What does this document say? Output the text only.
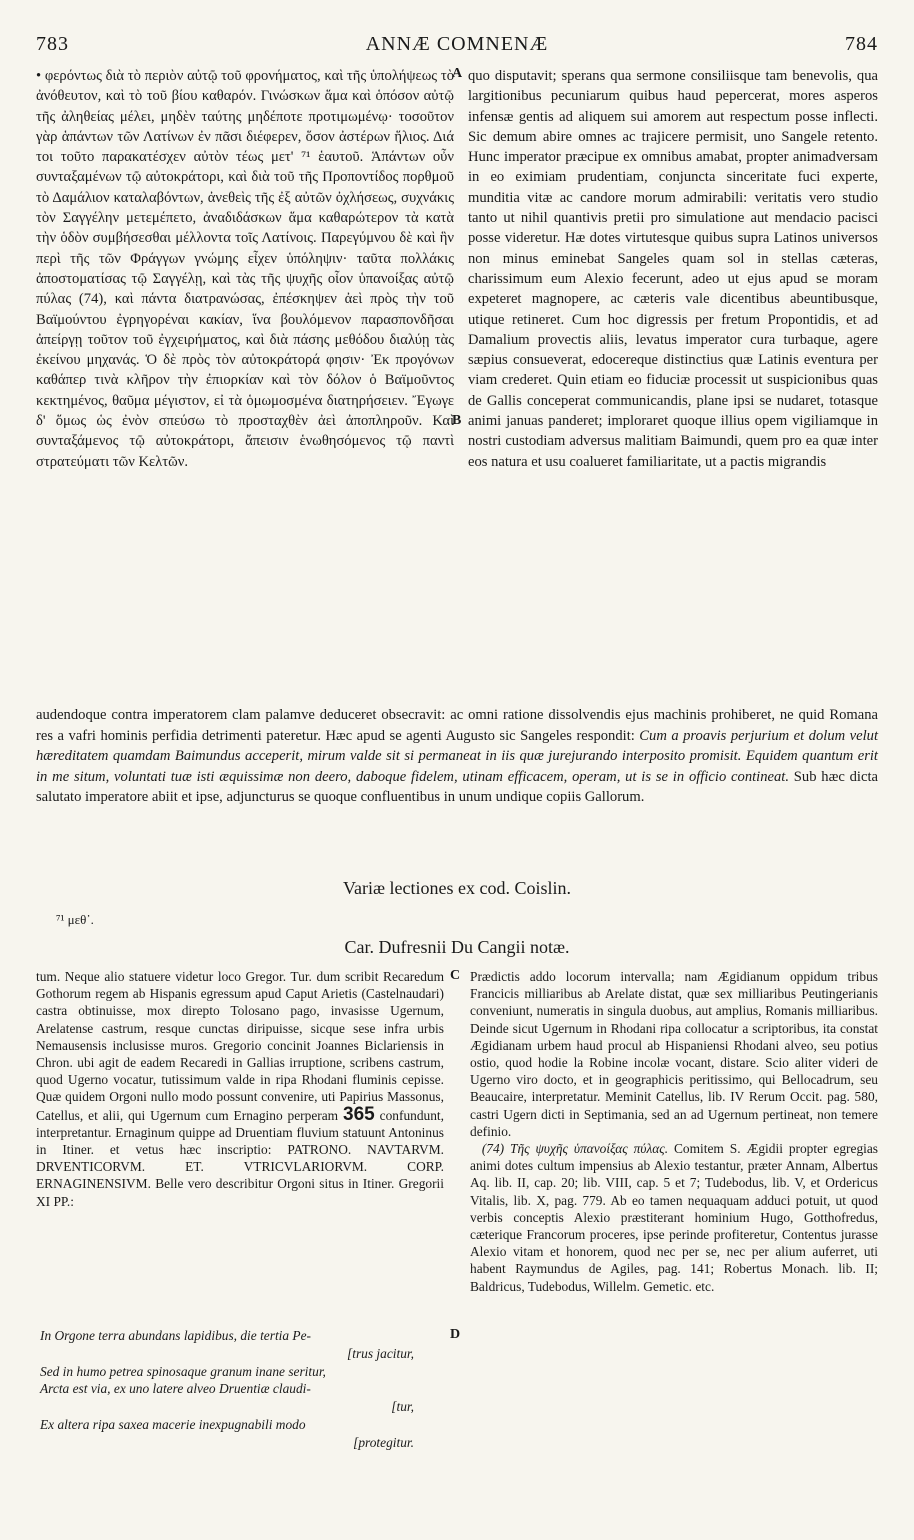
783	ANNÆ COMNENÆ	784

• φερόντως διὰ τὸ περιὸν αὐτῷ τοῦ φρονήματος, καὶ τῆς ὑπολήψεως τὸ ἀνόθευτον, καὶ τὸ τοῦ βίου καθαρόν. Γινώσκων ἅμα καὶ ὁπόσον αὐτῷ τῆς ἀληθείας μέλει, μηδὲν ταύτης μηδέποτε προτιμωμένῳ· τοσοῦτον γὰρ ἁπάντων τῶν Λατίνων ἐν πᾶσι διέφερεν, ὅσον ἀστέρων ἥλιος. Διά τοι τοῦτο παρακατέσχεν αὐτὸν τέως μετ' ⁷¹ ἑαυτοῦ. Ἁπάντων οὖν συνταξαμένων τῷ αὐτοκράτορι, καὶ διὰ τοῦ τῆς Προποντίδος πορθμοῦ τὸ Δαμάλιον καταλαβόντων, ἀνεθεὶς τῆς ἐξ αὐτῶν ὀχλήσεως, συχνάκις τὸν Σαγγέλην μετεμέπετο, ἀναδιδάσκων ἅμα καθαρώτερον τὰ κατὰ τὴν ὁδὸν συμβήσεσθαι μέλλοντα τοῖς Λατίνοις. Παρεγύμνου δὲ καὶ ἣν περὶ τῆς τῶν Φράγγων γνώμης εἶχεν ὑπόληψιν· ταῦτα πολλάκις ἀποστοματίσας τῷ Σαγγέλῃ, καὶ τὰς τῆς ψυχῆς οἷον ὑπανοίξας αὐτῷ πύλας (74), καὶ πάντα διατρανώσας, ἐπέσκηψεν ἀεὶ πρὸς τὴν τοῦ Βαϊμούντου ἐγρηγορέναι κακίαν, ἵνα βουλόμενον παρασπονδῆσαι ἀπείργῃ τοῦτον τοῦ ἐγχειρήματος, καὶ διὰ πάσης μεθόδου διαλύῃ τὰς ἐκείνου μηχανάς. Ὁ δὲ πρὸς τὸν αὐτοκράτορά φησιν· Ἐκ προγόνων καθάπερ τινὰ κλῆρον τὴν ἐπιορκίαν καὶ τὸν δόλον ὁ Βαϊμοῦντος κεκτημένος, θαῦμα μέγιστον, εἰ τὰ ὁμωμοσμένα διατηρήσειεν. Ἔγωγε δ' ὅμως ὡς ἐνὸν σπεύσω τὸ προσταχθὲν ἀεὶ ἀποπληροῦν. Καὶ συνταξάμενος τῷ αὐτοκράτορι, ἄπεισιν ἑνωθησόμενος τῷ παντὶ στρατεύματι τῶν Κελτῶν.

A
B

quo disputavit; sperans qua sermone consiliisque tam benevolis, qua largitionibus pecuniarum quibus haud pepercerat, mores asperos infensæ gentis ad aliquem sui amorem aut respectum posse inflecti. Sic demum abire omnes ac trajicere permisit, uno Sangele retento. Hunc imperator præcipue ex omnibus amabat, propter animadversam in eo eximiam prudentiam, conjuncta sinceritate fuci experte, munditia vitæ ac candore morum admirabili: veritatis vero studio tanto ut nihil quantivis pretii pro simulatione aut mendacio pacisci posse videretur. Hæ dotes virtutesque quibus supra Latinos universos non minus eminebat Sangeles quam sol in stellas cæteras, charissimum eum Alexio fecerunt, adeo ut ejus apud se moram expeteret magnopere, ac cæteris vale dicentibus abeuntibusque, utique retineret. Cum hoc digressis per fretum Propontidis, et ad Damalium provectis aliis, levatus imperator cura turbaque, agere sæpius consueverat, edocereque distinctius quæ Latinis eventura per viam crederet. Quin etiam eo fiduciæ processit ut suspicionibus quas de Gallis conceperat communicandis, plane ipsi se nudaret, totasque animi januas panderet; imploraret quoque illius opem vigiliamque in nostri custodiam adversus malitiam Baimundi, quem pro ea quæ inter eos natura et usu coalueret familiaritate, ut a pactis migrandis

audendoque contra imperatorem clam palamve deduceret obsecravit: ac omni ratione dissolvendis ejus machinis prohiberet, ne quid Romana res a vafri hominis perfidia detrimenti pateretur. Hæc apud se agenti Augusto sic Sangeles respondit: Cum a proavis perjurium et dolum velut hæreditatem quamdam Baimundus acceperit, mirum valde sit si permaneat in iis quæ jurejurando interposito promisit. Equidem quantum erit in me situm, voluntati tuæ isti æquissimæ non deero, daboque fidelem, utinam efficacem, operam, ut is se in officio contineat. Sub hæc dicta salutato imperatore abiit et ipse, adjuncturus se quoque confluentibus in unum undique copiis Gallorum.
Variæ lectiones ex cod. Coislin.
⁷¹ μεθ᾽.
Car. Dufresnii Du Cangii notæ.
tum. Neque alio statuere videtur loco Gregor. Tur. dum scribit Recaredum Gothorum regem ab Hispanis egressum apud Caput Arietis (Castelnaudari) castra obtinuisse, mox direpto Tolosano pago, invasisse Ugernum, Arelatense castrum, resque cunctas diripuisse, sicque sese infra urbis Nemausensis inclusisse muros. Gregorio concinit Joannes Biclariensis in Chron. ubi agit de eadem Recaredi in Gallias irruptione, scribens castrum, quod Ugerno vocatur, tutissimum valde in ripa Rhodani fluminis cepisse. Quæ quidem Orgoni nullo modo possunt convenire, uti Papirius Massonus, Catellus, et alii, qui Ugernum cum Ernagino perperam 365 confundunt, interpretantur. Ernaginum quippe ad Druentiam fluvium statuunt Antoninus in Itiner. et vetus hæc inscriptio: PATRONO. NAVTARVM. DRVENTICORVM. ET. VTRICVLARIORVM. CORP. ERNAGINENSIVM. Belle vero describitur Orgoni situs in Itiner. Gregorii XI PP.:
C
D
In Orgone terra abundans lapidibus, die tertia Pe-
[trus jacitur,
Sed in humo petrea spinosaque granum inane seritur,
Arcta est via, ex uno latere alveo Druentiæ claudi-
[tur,
Ex altera ripa saxea macerie inexpugnabili modo
[protegitur.
Prædictis addo locorum intervalla; nam Ægidianum oppidum tribus Francicis milliaribus ab Arelate distat, quæ sex milliaribus Peutingerianis conveniunt, numeratis in singula duobus, aut amplius, Romanis milliaribus. Deinde sicut Ugernum in Rhodani ripa collocatur a scriptoribus, ita constat Ægidianam urbem haud procul ab Hispaniensi Rhodani alveo, seu potius ostio, quod hodie la Robine incolæ vocant, distare. Scio aliter videri de Ugerno viro docto, et in geographicis peritissimo, qui Bellocadrum, seu Beaucaire, interpretatur. Meminit Catellus, lib. IV Rerum Occit. pag. 580, castri Ugern dicti in Septimania, sed an ad Ugernum pertineat, non temere definio.
(74) Τῆς ψυχῆς ὑπανοίξας πύλας. Comitem S. Ægidii propter egregias animi dotes cultum impensius ab Alexio testantur, præter Annam, Albertus Aq. lib. II, cap. 20; lib. VIII, cap. 5 et 7; Tudebodus, lib. V, et Ordericus Vitalis, lib. X, pag. 779. Ab eo tamen nequaquam adduci potuit, ut quod verbis conceptis Alexio præstiterant hominium Hugo, Gotthofredus, cæterique Francorum proceres, ipse perinde profiteretur, Contentus jurasse Alexio vitam et honorem, quod nec per se, nec per alium auferret, uti habent Raymundus de Agiles, pag. 141; Robertus Monach. lib. II; Baldricus, Tudebodus, Willelm. Gemetic. etc.
